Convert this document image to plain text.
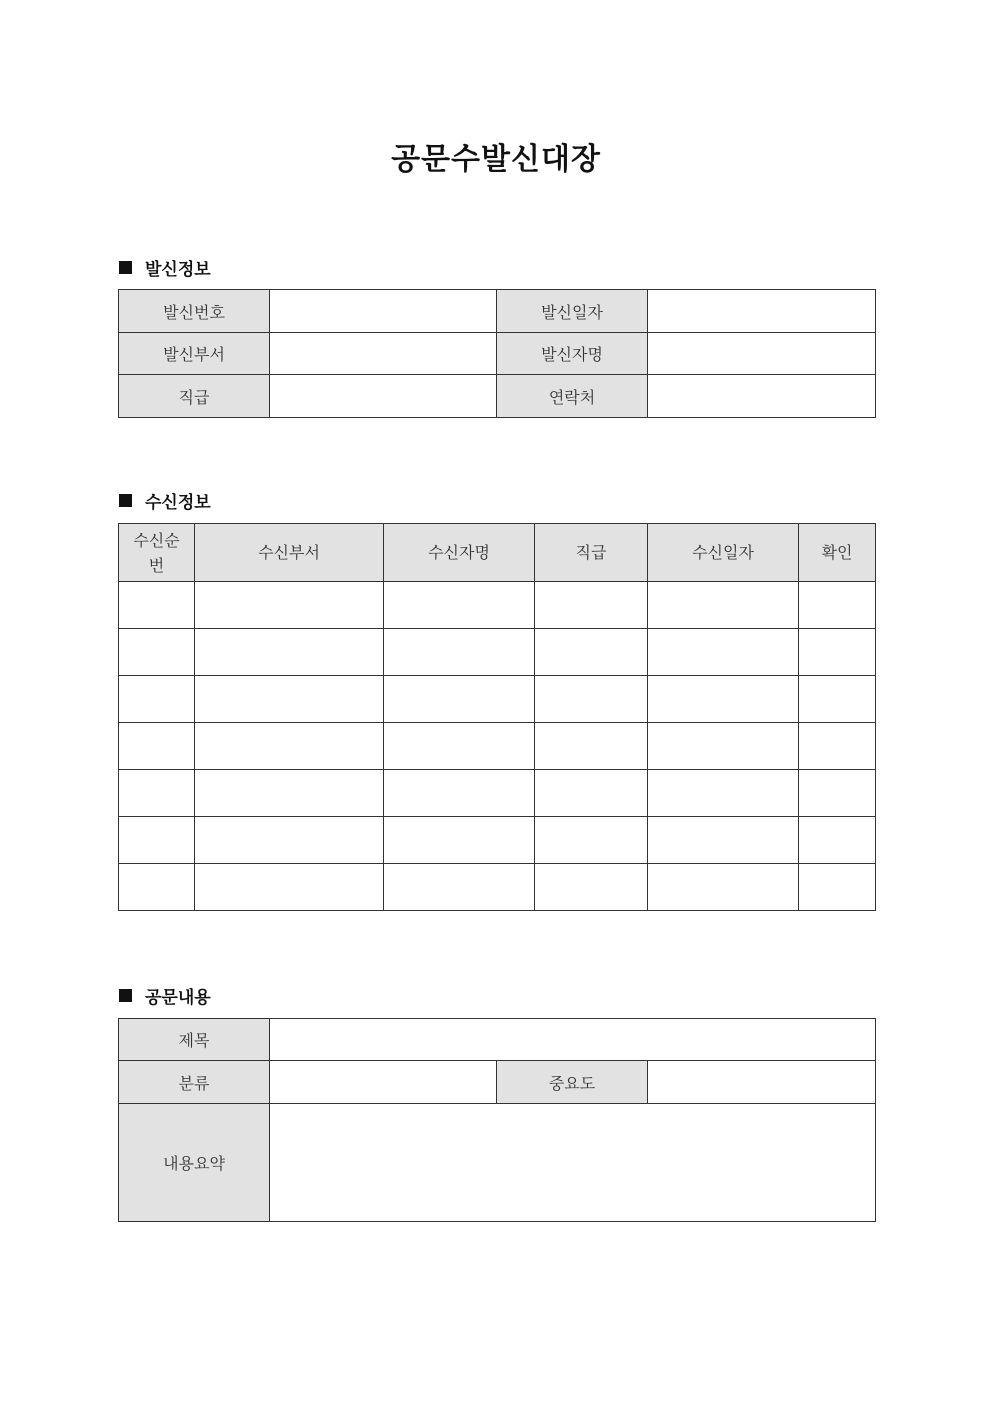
공문수발신대장
발신정보
발신번호		발신일자	
발신부서		발신자명	
직급		연락처	
수신정보
수신순번	수신부서	수신자명	직급	수신일자	확인

공문내용
제목			
분류		중요도	
내용요약			
